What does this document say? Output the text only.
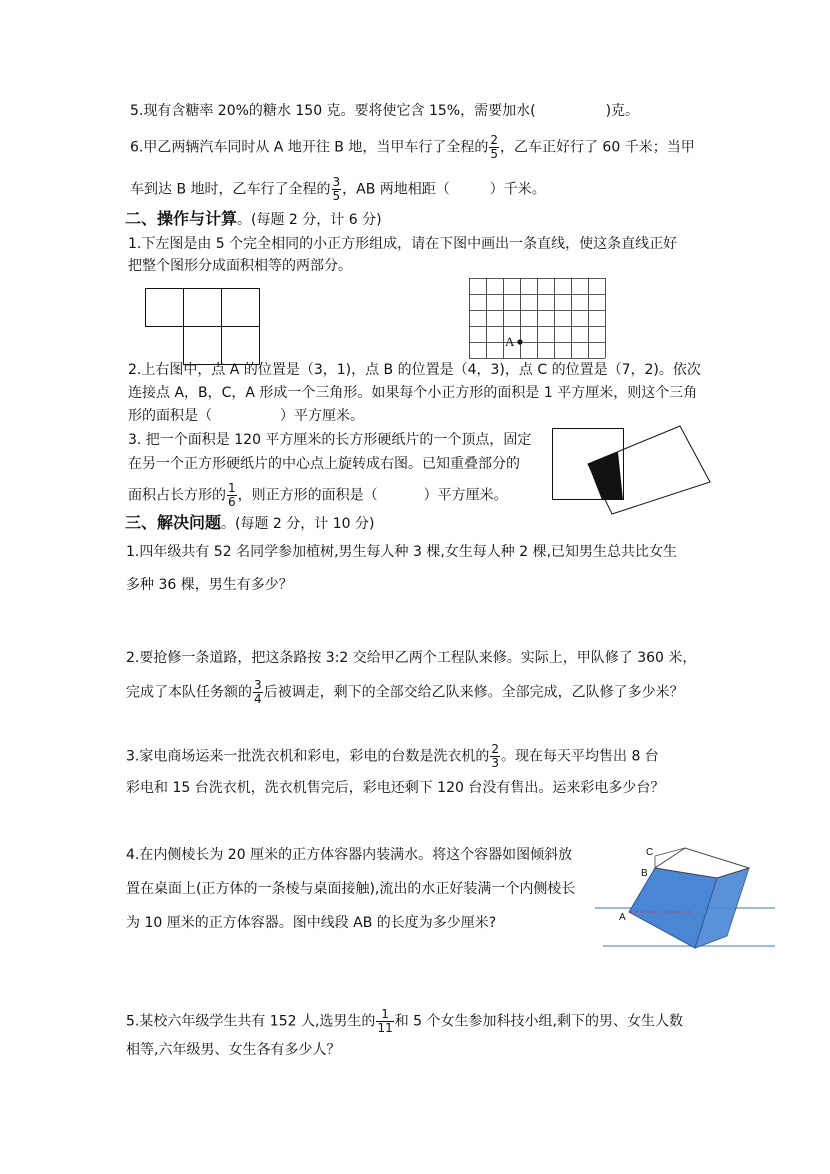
5.现有含糖率 20%的糖水 150 克。要将使它含 15%，需要加水(	)克。
6.甲乙两辆汽车同时从 A 地开往 B 地，当甲车行了全程的 $\frac{2}{5}$ ，乙车正好行了 60 千米；当甲
车到达 B 地时，乙车行了全程的 $\frac{3}{5}$ ，AB 两地相距（	）千米。
二、操作与计算。(每题 2 分，计 6 分)
1.下左图是由 5 个完全相同的小正方形组成，请在下图中画出一条直线，使这条直线正好
把整个图形分成面积相等的两部分。
A
2.上右图中，点 A 的位置是（3，1)，点 B 的位置是（4，3)，点 C 的位置是（7，2)。依次
连接点 A，B，C，A 形成一个三角形。如果每个小正方形的面积是 1 平方厘米，则这个三角
形的面积是（	）平方厘米。
3. 把一个面积是 120 平方厘米的长方形硬纸片的一个顶点，固定
在另一个正方形硬纸片的中心点上旋转成右图。已知重叠部分的
面积占长方形的 $\frac{1}{6}$ ，则正方形的面积是（	）平方厘米。
三、解决问题。(每题 2 分，计 10 分)
1.四年级共有 52 名同学参加植树,男生每人种 3 棵,女生每人种 2 棵,已知男生总共比女生
多种 36 棵，男生有多少？
2.要抢修一条道路，把这条路按 3:2 交给甲乙两个工程队来修。实际上，甲队修了 360 米，
完成了本队任务额的 $\frac{3}{4}$ 后被调走，剩下的全部交给乙队来修。全部完成，乙队修了多少米？
3.家电商场运来一批洗衣机和彩电，彩电的台数是洗衣机的 $\frac{2}{3}$ 。现在每天平均售出 8 台
彩电和 15 台洗衣机，洗衣机售完后，彩电还剩下 120 台没有售出。运来彩电多少台？
4.在内侧棱长为 20 厘米的正方体容器内装满水。将这个容器如图倾斜放
置在桌面上(正方体的一条棱与桌面接触),流出的水正好装满一个内侧棱长
为 10 厘米的正方体容器。图中线段 AB 的长度为多少厘米?
C
B
A
5.某校六年级学生共有 152 人,选男生的 $\frac{1}{11}$ 和 5 个女生参加科技小组,剩下的男、女生人数
相等,六年级男、女生各有多少人？
